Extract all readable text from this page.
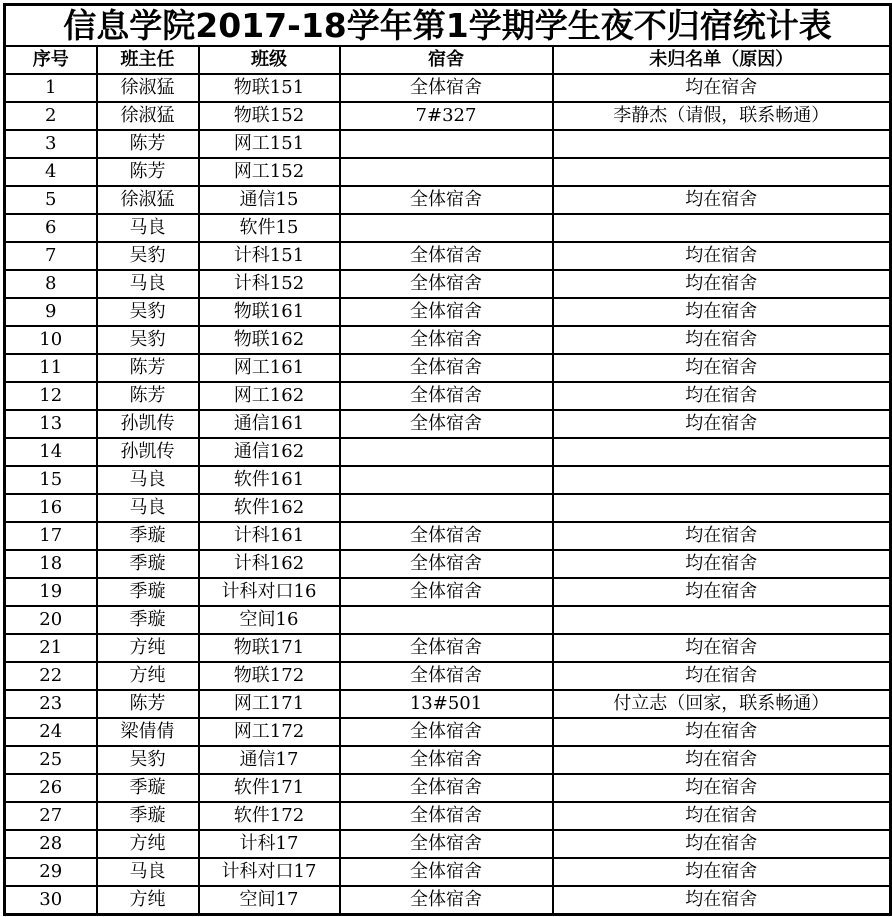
信息学院2017-18学年第1学期学生夜不归宿统计表				
序号	班主任	班级	宿舍	未归名单（原因）
1	徐淑猛	物联151	全体宿舍	均在宿舍
2	徐淑猛	物联152	7#327	李静杰（请假，联系畅通）
3	陈芳	网工151		
4	陈芳	网工152		
5	徐淑猛	通信15	全体宿舍	均在宿舍
6	马良	软件15		
7	吴豹	计科151	全体宿舍	均在宿舍
8	马良	计科152	全体宿舍	均在宿舍
9	吴豹	物联161	全体宿舍	均在宿舍
10	吴豹	物联162	全体宿舍	均在宿舍
11	陈芳	网工161	全体宿舍	均在宿舍
12	陈芳	网工162	全体宿舍	均在宿舍
13	孙凯传	通信161	全体宿舍	均在宿舍
14	孙凯传	通信162		
15	马良	软件161		
16	马良	软件162		
17	季璇	计科161	全体宿舍	均在宿舍
18	季璇	计科162	全体宿舍	均在宿舍
19	季璇	计科对口16	全体宿舍	均在宿舍
20	季璇	空间16		
21	方纯	物联171	全体宿舍	均在宿舍
22	方纯	物联172	全体宿舍	均在宿舍
23	陈芳	网工171	13#501	付立志（回家，联系畅通）
24	梁倩倩	网工172	全体宿舍	均在宿舍
25	吴豹	通信17	全体宿舍	均在宿舍
26	季璇	软件171	全体宿舍	均在宿舍
27	季璇	软件172	全体宿舍	均在宿舍
28	方纯	计科17	全体宿舍	均在宿舍
29	马良	计科对口17	全体宿舍	均在宿舍
30	方纯	空间17	全体宿舍	均在宿舍
